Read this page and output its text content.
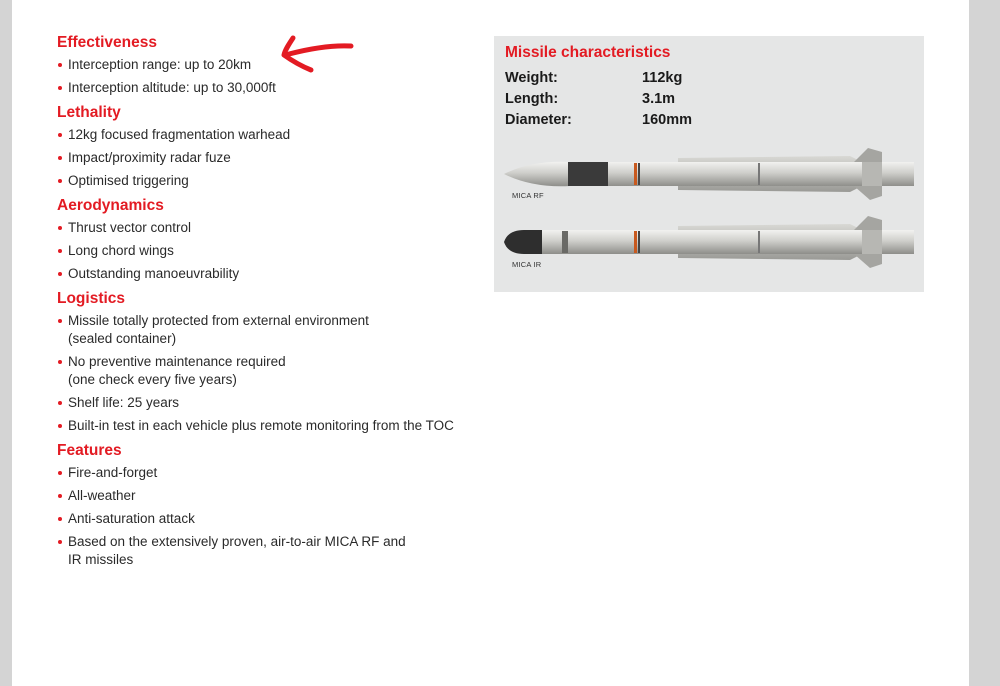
Effectiveness
Interception range: up to 20km
Interception altitude: up to 30,000ft
Lethality
12kg focused fragmentation warhead
Impact/proximity radar fuze
Optimised triggering
Aerodynamics
Thrust vector control
Long chord wings
Outstanding manoeuvrability
Logistics
Missile totally protected from external environment
(sealed container)
No preventive maintenance required
(one check every five years)
Shelf life: 25 years
Built-in test in each vehicle plus remote monitoring from the TOC
Features
Fire-and-forget
All-weather
Anti-saturation attack
Based on the extensively proven, air-to-air MICA RF and
IR missiles
Missile characteristics
Weight:	112kg
Length:	3.1m
Diameter:	160mm
MICA RF
MICA IR
